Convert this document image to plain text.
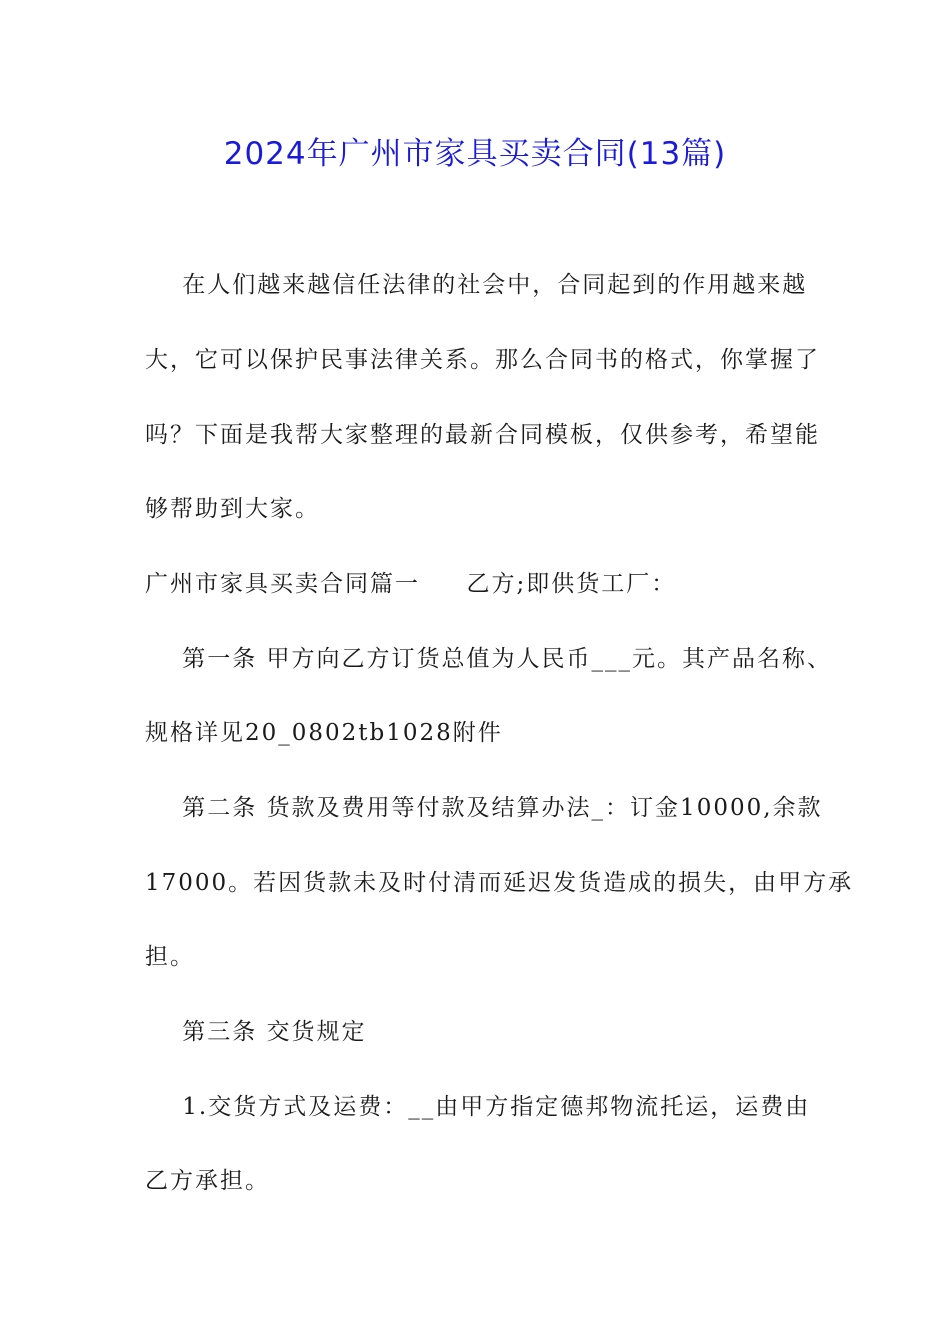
2024年广州市家具买卖合同(13篇)
在人们越来越信任法律的社会中，合同起到的作用越来越
大，它可以保护民事法律关系。那么合同书的格式，你掌握了
吗？下面是我帮大家整理的最新合同模板，仅供参考，希望能
够帮助到大家。
广州市家具买卖合同篇一     乙方;即供货工厂：
第一条 甲方向乙方订货总值为人民币___元。其产品名称、
规格详见20_0802tb1028附件
第二条 货款及费用等付款及结算办法_：订金10000,余款
17000。若因货款未及时付清而延迟发货造成的损失，由甲方承
担。
第三条 交货规定
1.交货方式及运费：__由甲方指定德邦物流托运，运费由
乙方承担。
